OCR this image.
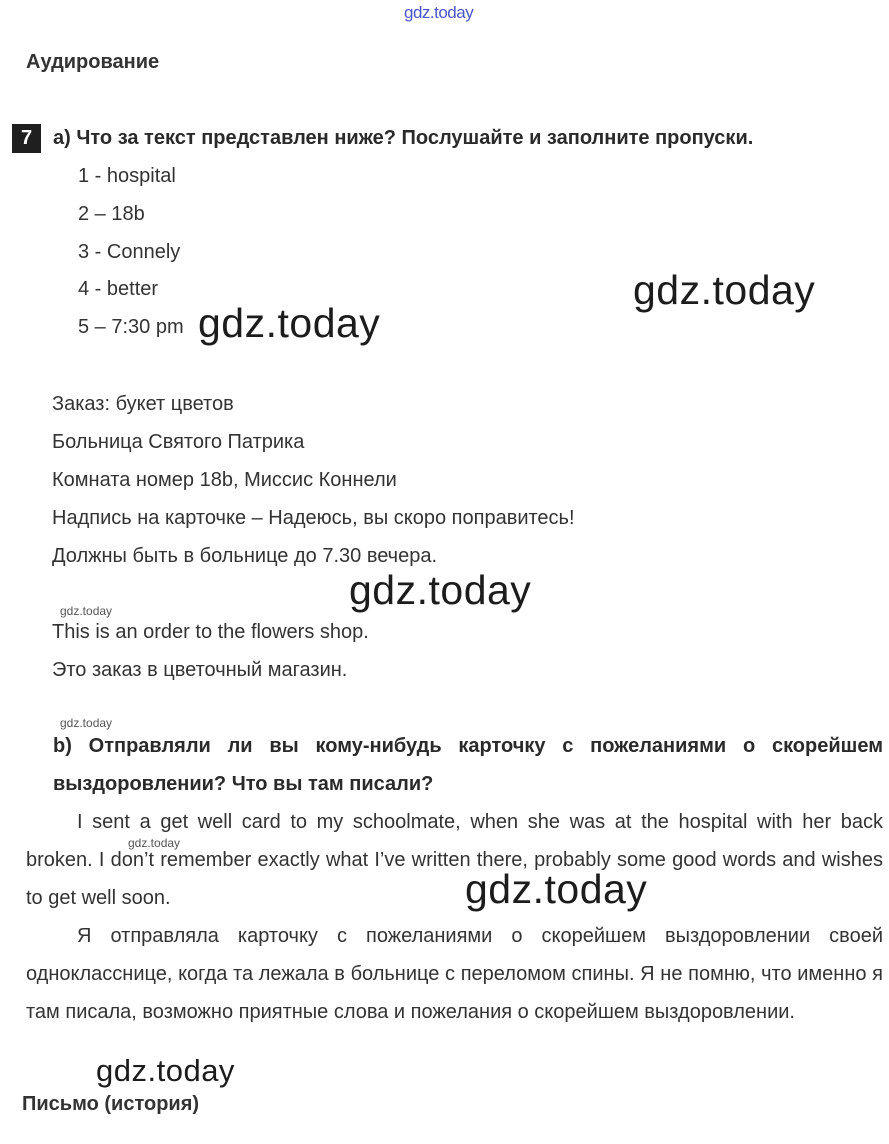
gdz.today
Аудирование
7	а) Что за текст представлен ниже? Послушайте и заполните пропуски.
1 - hospital
2 – 18b
3 - Connely
4 - better
5 – 7:30 pm gdz.today
gdz.today
Заказ: букет цветов
Больница Святого Патрика
Комната номер 18b, Миссис Коннели
Надпись на карточке – Надеюсь, вы скоро поправитесь!
Должны быть в больнице до 7.30 вечера.
gdz.today
gdz.today
This is an order to the flowers shop.
Это заказ в цветочный магазин.
gdz.today

b) Отправляли ли вы кому-нибудь карточку с пожеланиями о скорейшем выздоровлении? Что вы там писали?

I sent a get well card to my schoolmate, when she was at the hospital with her back broken. I don’t remember exactly what I’ve written there, probably some good words and wishes to get well soon.

gdz.today
gdz.today

Я отправляла карточку с пожеланиями о скорейшем выздоровлении своей однокласснице, когда та лежала в больнице с переломом спины. Я не помню, что именно я там писала, возможно приятные слова и пожелания о скорейшем выздоровлении.

gdz.today
Письмо (история)
